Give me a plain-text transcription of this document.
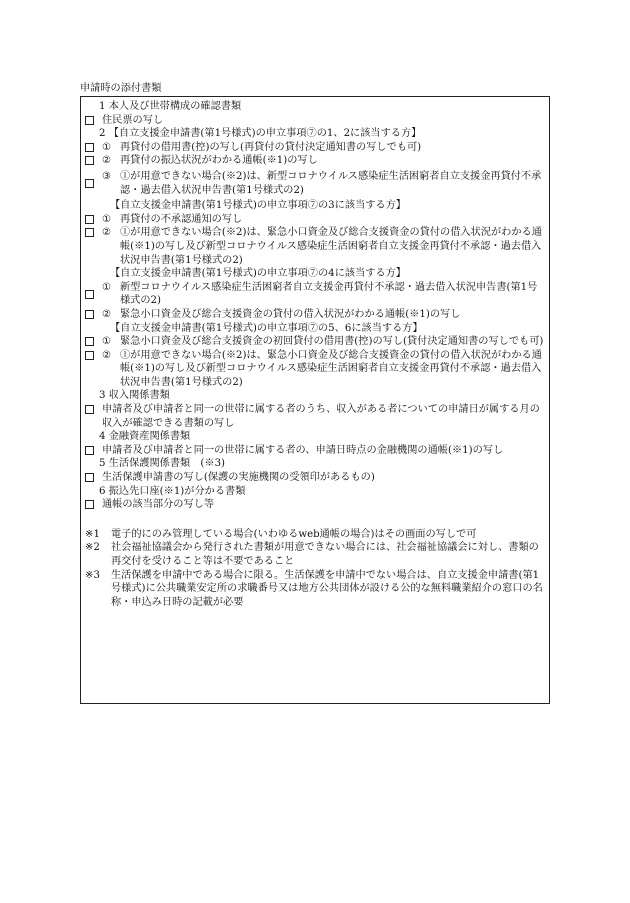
申請時の添付書類
1 本人及び世帯構成の確認書類
住民票の写し
2 【自立支援金申請書(第1号様式)の申立事項⑦の1、2に該当する方】
① 再貸付の借用書(控)の写し(再貸付の貸付決定通知書の写しでも可)
② 再貸付の振込状況がわかる通帳(※1)の写し
③ ①が用意できない場合(※2)は、新型コロナウイルス感染症生活困窮者自立支援金再貸付不承認・過去借入状況申告書(第1号様式の2)
【自立支援金申請書(第1号様式)の申立事項⑦の3に該当する方】
① 再貸付の不承認通知の写し
② ①が用意できない場合(※2)は、緊急小口資金及び総合支援資金の貸付の借入状況がわかる通帳(※1)の写し及び新型コロナウイルス感染症生活困窮者自立支援金再貸付不承認・過去借入状況申告書(第1号様式の2)
【自立支援金申請書(第1号様式)の申立事項⑦の4に該当する方】
① 新型コロナウイルス感染症生活困窮者自立支援金再貸付不承認・過去借入状況申告書(第1号様式の2)
② 緊急小口資金及び総合支援資金の貸付の借入状況がわかる通帳(※1)の写し
【自立支援金申請書(第1号様式)の申立事項⑦の5、6に該当する方】
① 緊急小口資金及び総合支援資金の初回貸付の借用書(控)の写し(貸付決定通知書の写しでも可)
② ①が用意できない場合(※2)は、緊急小口資金及び総合支援資金の貸付の借入状況がわかる通帳(※1)の写し及び新型コロナウイルス感染症生活困窮者自立支援金再貸付不承認・過去借入状況申告書(第1号様式の2)
3 収入関係書類
申請者及び申請者と同一の世帯に属する者のうち、収入がある者についての申請日が属する月の収入が確認できる書類の写し
4 金融資産関係書類
申請者及び申請者と同一の世帯に属する者の、申請日時点の金融機関の通帳(※1)の写し
5 生活保護関係書類　(※3)
生活保護申請書の写し(保護の実施機関の受領印があるもの)
6 振込先口座(※1)が分かる書類
通帳の該当部分の写し等
※1	電子的にのみ管理している場合(いわゆるweb通帳の場合)はその画面の写しで可
※2	社会福祉協議会から発行された書類が用意できない場合には、社会福祉協議会に対し、書類の再交付を受けること等は不要であること
※3	生活保護を申請中である場合に限る。生活保護を申請中でない場合は、自立支援金申請書(第1号様式)に公共職業安定所の求職番号又は地方公共団体が設ける公的な無料職業紹介の窓口の名称・申込み日時の記載が必要
